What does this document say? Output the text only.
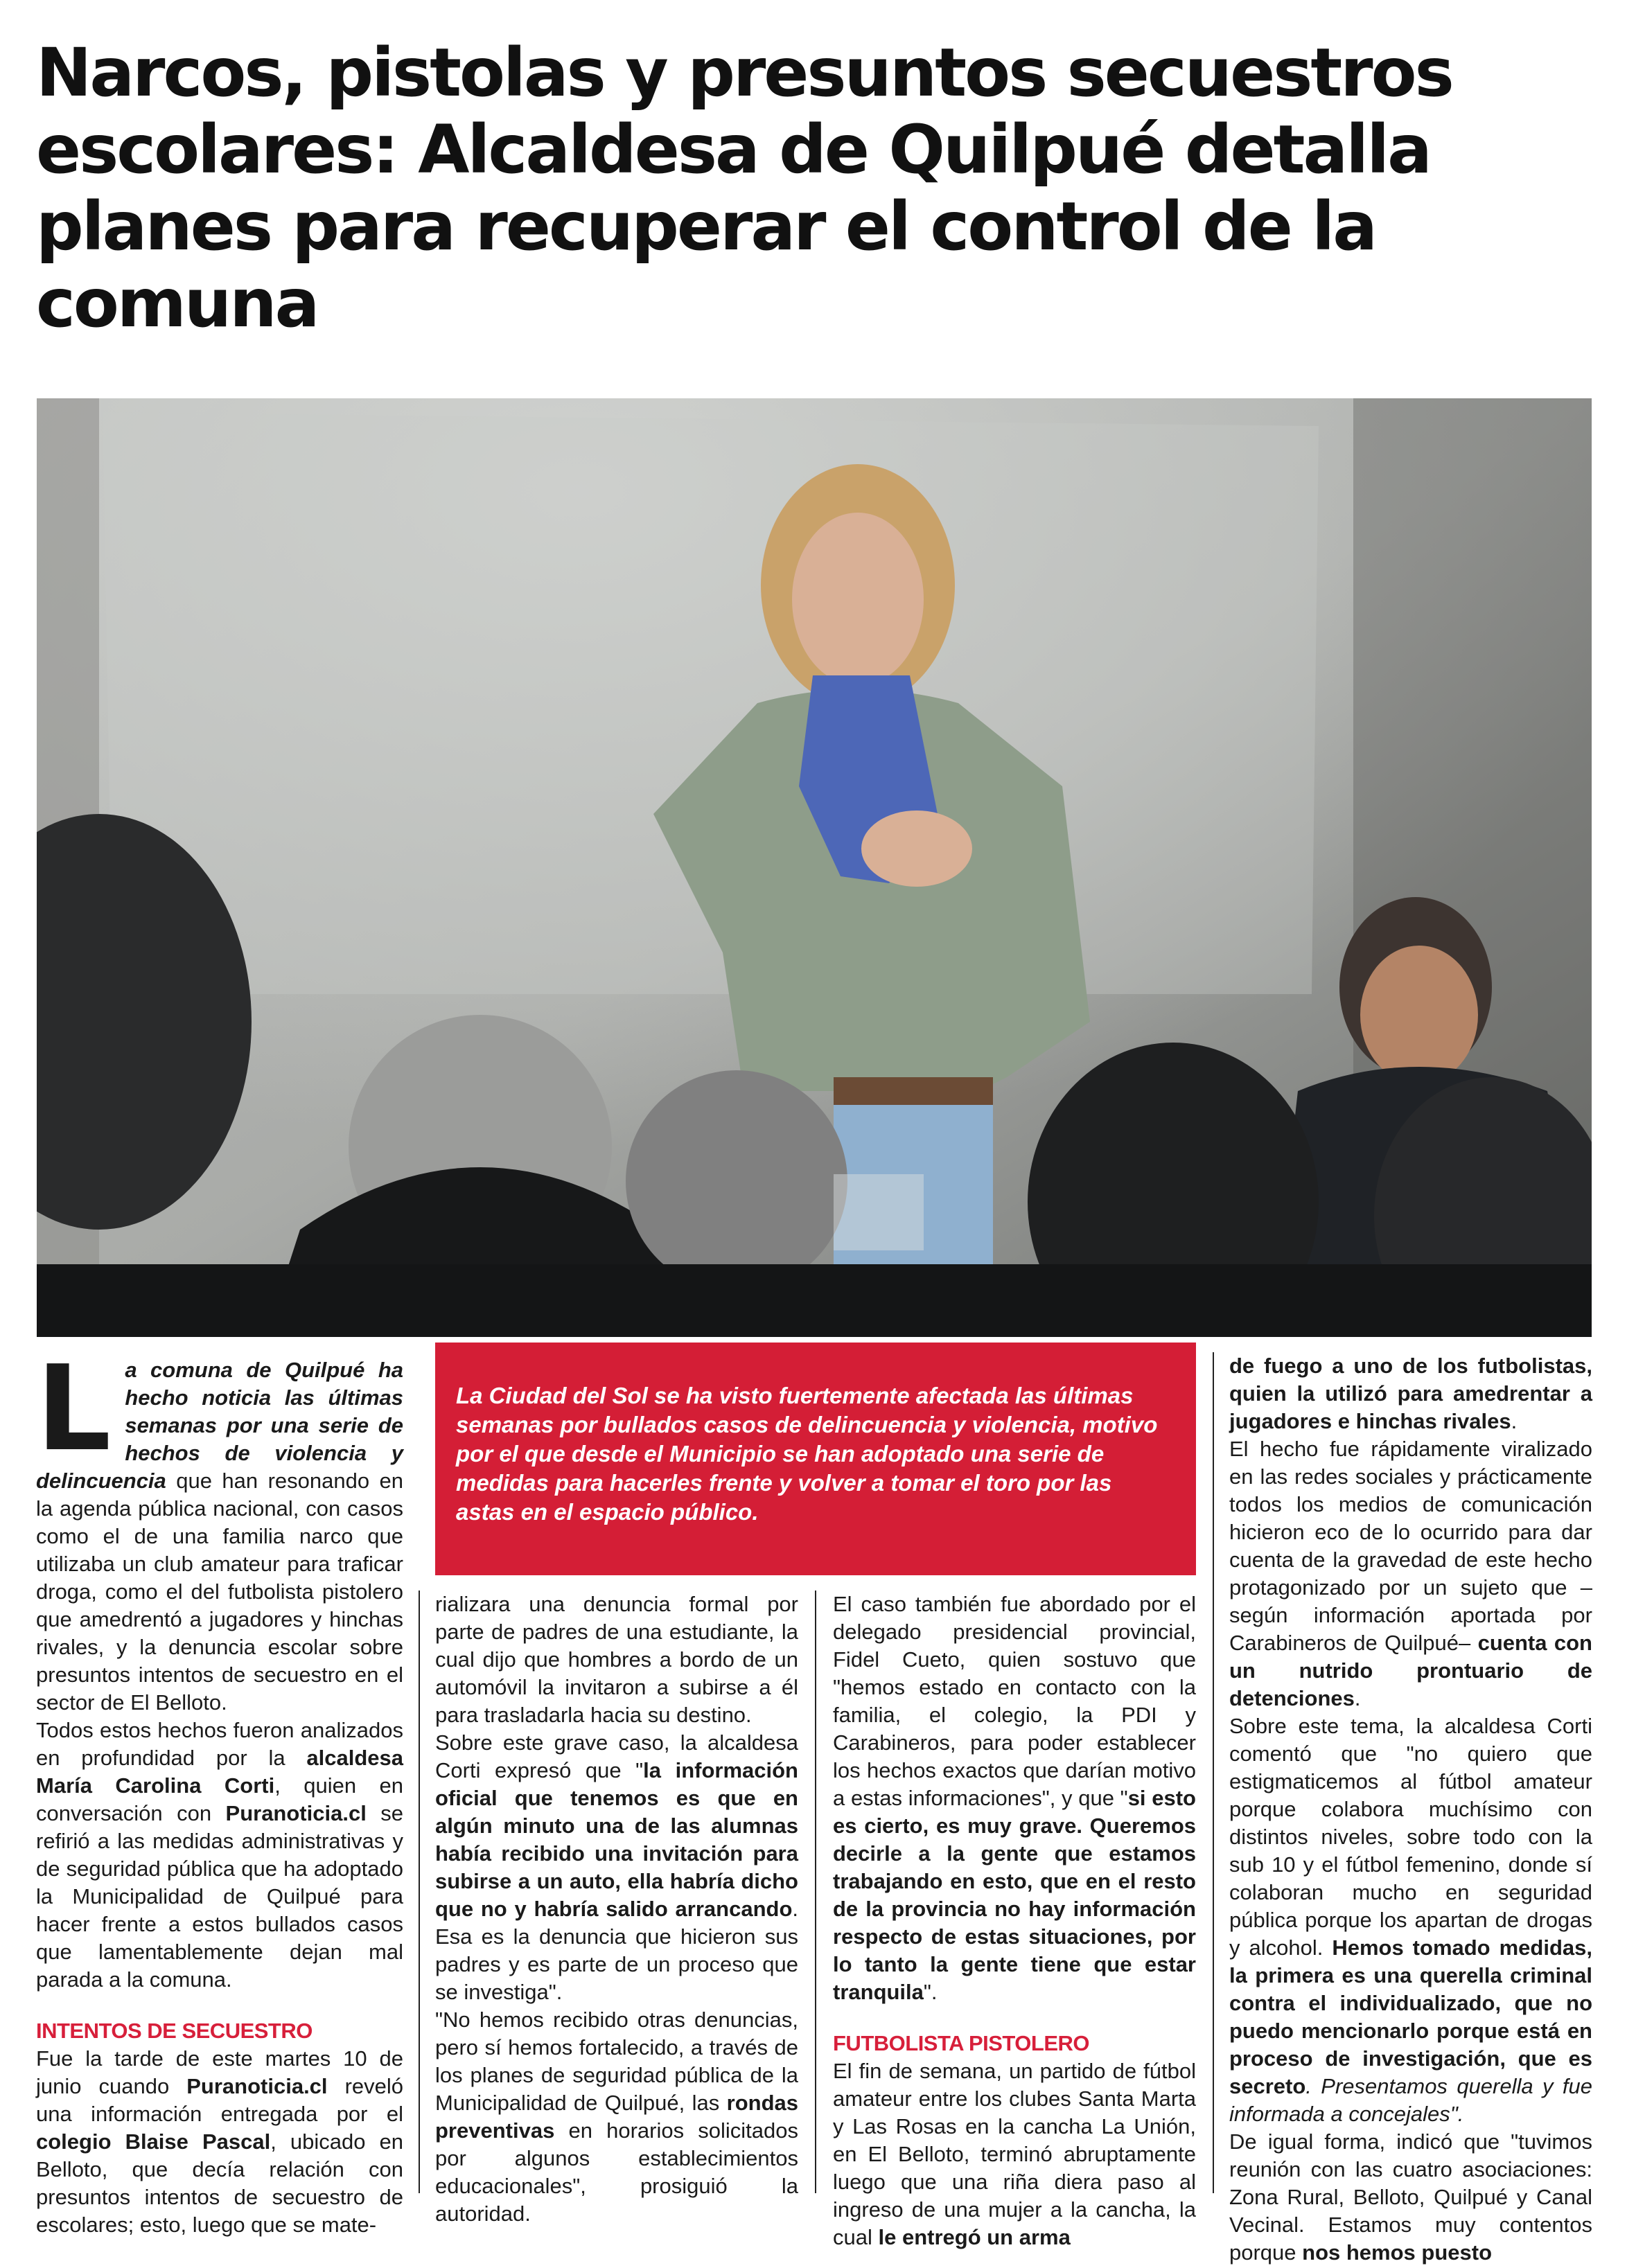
Narcos, pistolas y presuntos secuestros escolares: Alcaldesa de Quilpué detalla planes para recuperar el control de la comuna

La comuna de Quilpué ha hecho noticia las últimas semanas por una serie de hechos de violencia y delincuencia que han resonando en la agenda pública nacional, con casos como el de una familia narco que utilizaba un club amateur para traficar droga, como el del futbolista pistolero que amedrentó a jugadores y hinchas rivales, y la denuncia escolar sobre presuntos intentos de secuestro en el sector de El Belloto.

Todos estos hechos fueron analizados en profundidad por la alcaldesa María Carolina Corti, quien en conversación con Puranoticia.cl se refirió a las medidas administrativas y de seguridad pública que ha adoptado la Municipalidad de Quilpué para hacer frente a estos bullados casos que lamentablemente dejan mal parada a la comuna.

INTENTOS DE SECUESTRO

Fue la tarde de este martes 10 de junio cuando Puranoticia.cl reveló una información entregada por el colegio Blaise Pascal, ubicado en Belloto, que decía relación con presuntos intentos de secuestro de escolares; esto, luego que se mate-

La Ciudad del Sol se ha visto fuertemente afectada las últimas semanas por bullados casos de delincuencia y violencia, motivo por el que desde el Municipio se han adoptado una serie de medidas para hacerles frente y volver a tomar el toro por las astas en el espacio público.

rializara una denuncia formal por parte de padres de una estudiante, la cual dijo que hombres a bordo de un automóvil la invitaron a subirse a él para trasladarla hacia su destino.

Sobre este grave caso, la alcaldesa Corti expresó que "la información oficial que tenemos es que en algún minuto una de las alumnas había recibido una invitación para subirse a un auto, ella habría dicho que no y habría salido arrancando. Esa es la denuncia que hicieron sus padres y es parte de un proceso que se investiga".

"No hemos recibido otras denuncias, pero sí hemos fortalecido, a través de los planes de seguridad pública de la Municipalidad de Quilpué, las rondas preventivas en horarios solicitados por algunos establecimientos educacionales", prosiguió la autoridad.

El caso también fue abordado por el delegado presidencial provincial, Fidel Cueto, quien sostuvo que "hemos estado en contacto con la familia, el colegio, la PDI y Carabineros, para poder establecer los hechos exactos que darían motivo a estas informaciones", y que "si esto es cierto, es muy grave. Queremos decirle a la gente que estamos trabajando en esto, que en el resto de la provincia no hay información respecto de estas situaciones, por lo tanto la gente tiene que estar tranquila".

FUTBOLISTA PISTOLERO

El fin de semana, un partido de fútbol amateur entre los clubes Santa Marta y Las Rosas en la cancha La Unión, en El Belloto, terminó abruptamente luego que una riña diera paso al ingreso de una mujer a la cancha, la cual le entregó un arma

de fuego a uno de los futbolistas, quien la utilizó para amedrentar a jugadores e hinchas rivales.

El hecho fue rápidamente viralizado en las redes sociales y prácticamente todos los medios de comunicación hicieron eco de lo ocurrido para dar cuenta de la gravedad de este hecho protagonizado por un sujeto que –según información aportada por Carabineros de Quilpué– cuenta con un nutrido prontuario de detenciones.

Sobre este tema, la alcaldesa Corti comentó que "no quiero que estigmaticemos al fútbol amateur porque colabora muchísimo con distintos niveles, sobre todo con la sub 10 y el fútbol femenino, donde sí colaboran mucho en seguridad pública porque los apartan de drogas y alcohol. Hemos tomado medidas, la primera es una querella criminal contra el individualizado, que no puedo mencionarlo porque está en proceso de investigación, que es secreto. Presentamos querella y fue informada a concejales".

De igual forma, indicó que "tuvimos reunión con las cuatro asociaciones: Zona Rural, Belloto, Quilpué y Canal Vecinal. Estamos muy contentos porque nos hemos puesto
